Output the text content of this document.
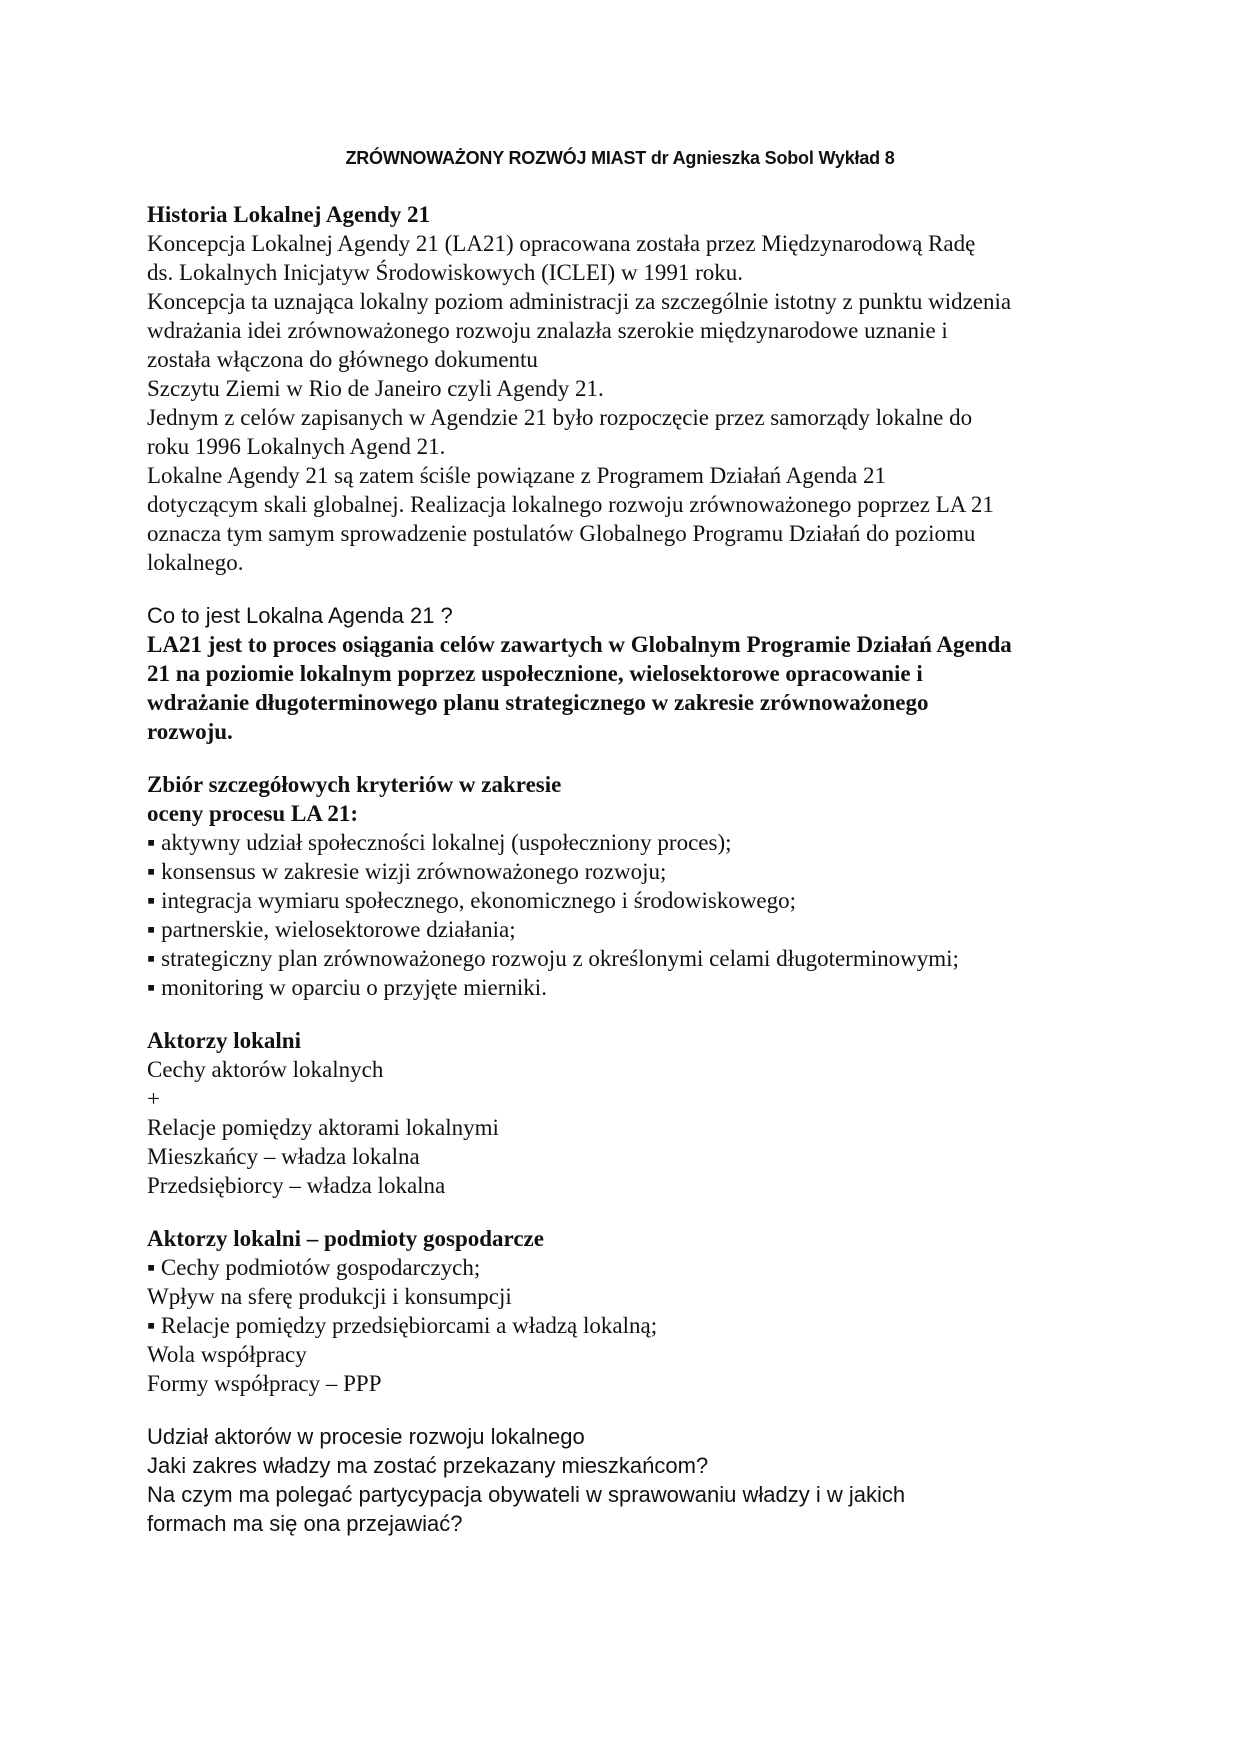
ZRÓWNOWAŻONY ROZWÓJ MIAST dr Agnieszka Sobol Wykład 8
Historia Lokalnej Agendy 21
Koncepcja Lokalnej Agendy 21 (LA21) opracowana została przez Międzynarodową Radę
ds. Lokalnych Inicjatyw Środowiskowych (ICLEI) w 1991 roku.
Koncepcja ta uznająca lokalny poziom administracji za szczególnie istotny z punktu widzenia
wdrażania idei zrównoważonego rozwoju znalazła szerokie międzynarodowe uznanie i
została włączona do głównego dokumentu
Szczytu Ziemi w Rio de Janeiro czyli Agendy 21.
Jednym z celów zapisanych w Agendzie 21 było rozpoczęcie przez samorządy lokalne do
roku 1996 Lokalnych Agend 21.
Lokalne Agendy 21 są zatem ściśle powiązane z Programem Działań Agenda 21
dotyczącym skali globalnej. Realizacja lokalnego rozwoju zrównoważonego poprzez LA 21
oznacza tym samym sprowadzenie postulatów Globalnego Programu Działań do poziomu
lokalnego.
Co to jest Lokalna Agenda 21 ?
LA21 jest to proces osiągania celów zawartych w Globalnym Programie Działań Agenda
21 na poziomie lokalnym poprzez uspołecznione, wielosektorowe opracowanie i
wdrażanie długoterminowego planu strategicznego w zakresie zrównoważonego
rozwoju.
Zbiór szczegółowych kryteriów w zakresie
oceny procesu LA 21:
▪ aktywny udział społeczności lokalnej (uspołeczniony proces);
▪ konsensus w zakresie wizji zrównoważonego rozwoju;
▪ integracja wymiaru społecznego, ekonomicznego i środowiskowego;
▪ partnerskie, wielosektorowe działania;
▪ strategiczny plan zrównoważonego rozwoju z określonymi celami długoterminowymi;
▪ monitoring w oparciu o przyjęte mierniki.
Aktorzy lokalni
Cechy aktorów lokalnych
+
Relacje pomiędzy aktorami lokalnymi
Mieszkańcy – władza lokalna
Przedsiębiorcy – władza lokalna
Aktorzy lokalni – podmioty gospodarcze
▪ Cechy podmiotów gospodarczych;
Wpływ na sferę produkcji i konsumpcji
▪ Relacje pomiędzy przedsiębiorcami a władzą lokalną;
Wola współpracy
Formy współpracy – PPP
Udział aktorów w procesie rozwoju lokalnego
Jaki zakres władzy ma zostać przekazany mieszkańcom?
Na czym ma polegać partycypacja obywateli w sprawowaniu władzy i w jakich
formach ma się ona przejawiać?
